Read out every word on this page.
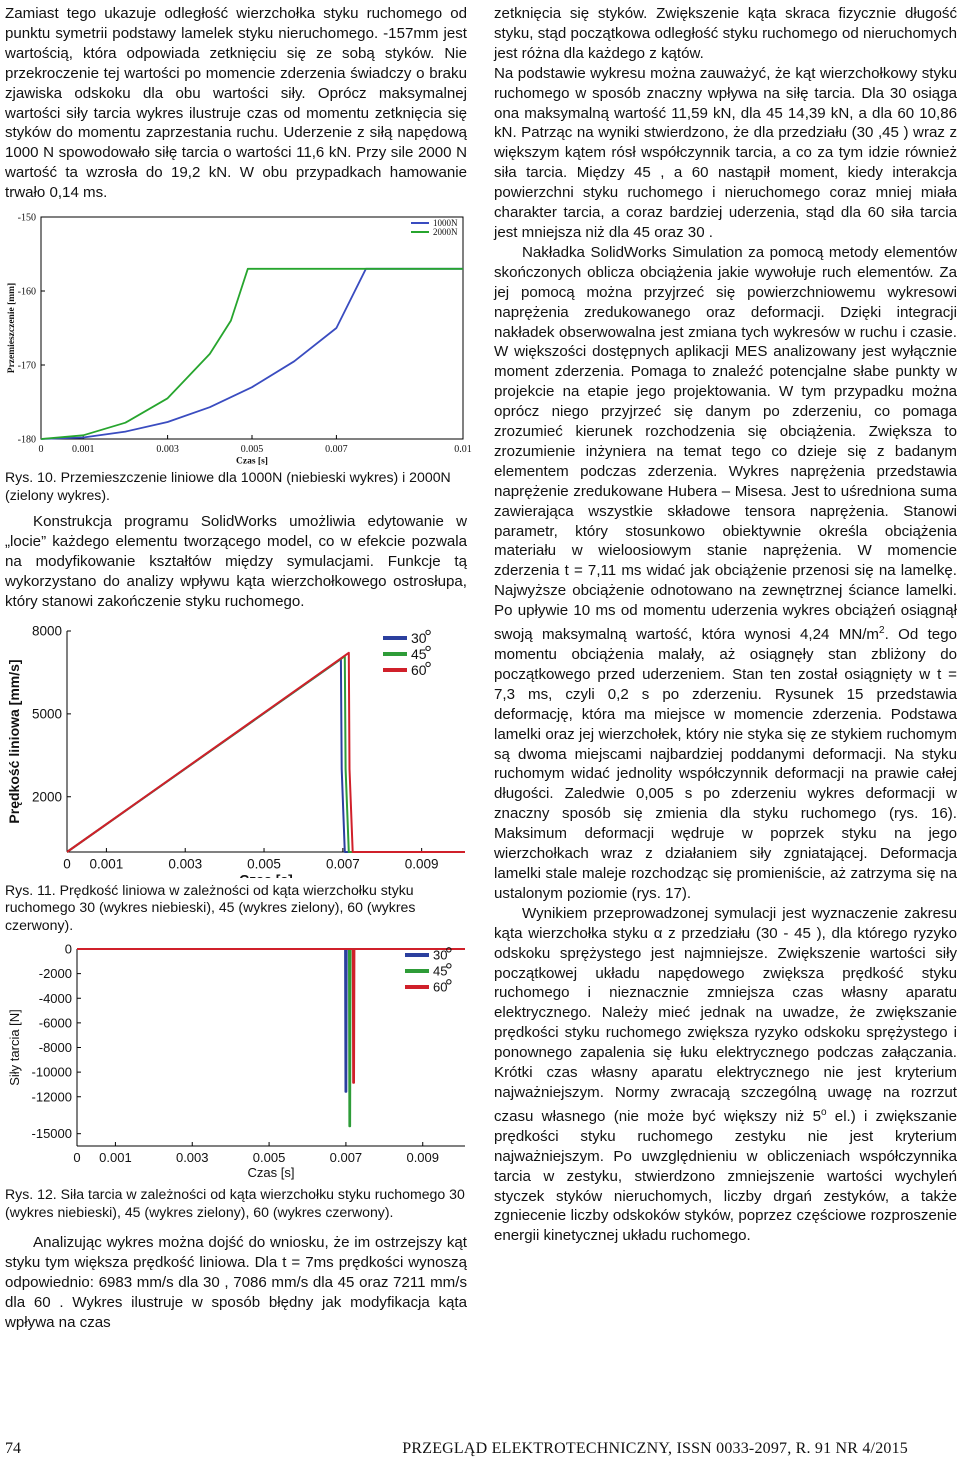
Zamiast tego ukazuje odległość wierzchołka styku ruchomego od punktu symetrii podstawy lamelek styku nieruchomego. -157mm jest wartością, która odpowiada zetknięciu się ze sobą styków. Nie przekroczenie tej wartości po momencie zderzenia świadczy o braku zjawiska odskoku dla obu wartości siły. Oprócz maksymalnej wartości siły tarcia wykres ilustruje czas od momentu zetknięcia się styków do momentu zaprzestania ruchu. Uderzenie z siłą napędową 1000 N spowodowało siłę tarcia o wartości 11,6 kN. Przy sile 2000 N wartość ta wzrosła do 19,2 kN. W obu przypadkach hamowanie trwało 0,14 ms.

-150
-160
-170
-180
0	0.001	0.003	0.005	0.007	0.01
Czas [s]
Przemieszczenie [mm]
1000N
2000N

Rys. 10. Przemieszczenie liniowe dla 1000N (niebieski wykres) i 2000N (zielony wykres).

Konstrukcja programu SolidWorks umożliwia edytowanie w „locie” każdego elementu tworzącego model, co w efekcie pozwala na modyfikowanie kształtów między symulacjami. Funkcje tą wykorzystano do analizy wpływu kąta wierzchołkowego ostrosłupa, który stanowi zakończenie styku ruchomego.

8000
5000
2000
0 0.001	0.003	0.005	0.007	0.009
Prędkość liniowa [mm/s]
30
45
60

Rys. 11. Prędkość liniowa w zależności od kąta wierzchołku styku ruchomego 30 (wykres niebieski), 45 (wykres zielony), 60 (wykres czerwony).

0
-2000
-4000
-6000
-8000
-10000
-12000
-15000
0 0.001	0.003	0.005	0.007	0.009
Czas [s]
Siły tarcia [N]
30
45
60

Rys. 12. Siła tarcia w zależności od kąta wierzchołku styku ruchomego 30 (wykres niebieski), 45 (wykres zielony), 60 (wykres czerwony).

Analizując wykres można dojść do wniosku, że im ostrzejszy kąt styku tym większa prędkość liniowa. Dla t = 7ms prędkości wynoszą odpowiednio: 6983 mm/s dla 30 , 7086 mm/s dla 45 oraz 7211 mm/s dla 60 . Wykres ilustruje w sposób błędny jak modyfikacja kąta wpływa na czas

zetknięcia się styków. Zwiększenie kąta skraca fizycznie długość styku, stąd początkowa odległość styku ruchomego od nieruchomych jest różna dla każdego z kątów.

Na podstawie wykresu można zauważyć, że kąt wierzchołkowy styku ruchomego w sposób znaczny wpływa na siłę tarcia. Dla 30 osiąga ona maksymalną wartość 11,59 kN, dla 45 14,39 kN, a dla 60 10,86 kN. Patrząc na wyniki stwierdzono, że dla przedziału (30 ,45 ) wraz z większym kątem rósł współczynnik tarcia, a co za tym idzie również siła tarcia. Między 45 , a 60 nastąpił moment, kiedy interakcja powierzchni styku ruchomego i nieruchomego coraz mniej miała charakter tarcia, a coraz bardziej uderzenia, stąd dla 60 siła tarcia jest mniejsza niż dla 45 oraz 30 .

Nakładka SolidWorks Simulation za pomocą metody elementów skończonych oblicza obciążenia jakie wywołuje ruch elementów. Za jej pomocą można przyjrzeć się powierzchniowemu wykresowi naprężenia zredukowanego oraz deformacji. Dzięki integracji nakładek obserwowalna jest zmiana tych wykresów w ruchu i czasie. W większości dostępnych aplikacji MES analizowany jest wyłącznie moment zderzenia. Pomaga to znaleźć potencjalne słabe punkty w projekcie na etapie jego projektowania. W tym przypadku można oprócz niego przyjrzeć się danym po zderzeniu, co pomaga zrozumieć kierunek rozchodzenia się obciążenia. Zwiększa to zrozumienie inżyniera na temat tego co dzieje się z badanym elementem podczas zderzenia. Wykres naprężenia przedstawia naprężenie zredukowane Hubera – Misesa. Jest to uśredniona suma zawierająca wszystkie składowe tensora naprężenia. Stanowi parametr, który stosunkowo obiektywnie określa obciążenia materiału w wieloosiowym stanie naprężenia. W momencie zderzenia t = 7,11 ms widać jak obciążenie przenosi się na lamelkę. Najwyższe obciążenie odnotowano na zewnętrznej ściance lamelki. Po upływie 10 ms od momentu uderzenia wykres obciążeń osiągnął swoją maksymalną wartość, która wynosi 4,24 $MN/m^2$. Od tego momentu obciążenia malały, aż osiągnęły stan zbliżony do początkowego przed uderzeniem. Stan ten został osiągnięty w t = 7,3 ms, czyli 0,2 s po zderzeniu. Rysunek 15 przedstawia deformację, która ma miejsce w momencie zderzenia. Podstawa lamelki oraz jej wierzchołek, który nie styka się ze stykiem ruchomym są dwoma miejscami najbardziej poddanymi deformacji. Na styku ruchomym widać jednolity współczynnik deformacji na prawie całej długości. Zaledwie 0,005 s po zderzeniu wykres deformacji w znaczny sposób się zmienia dla styku ruchomego (rys. 16). Maksimum deformacji wędruje w poprzek styku na jego wierzchołkach wraz z działaniem siły zgniatającej. Deformacja lamelki stale maleje rozchodząc się promieniście, aż zatrzyma się na ustalonym poziomie (rys. 17).

Wynikiem przeprowadzonej symulacji jest wyznaczenie zakresu kąta wierzchołka styku α z przedziału (30 - 45 ), dla którego ryzyko odskoku sprężystego jest najmniejsze. Zwiększenie wartości siły początkowej układu napędowego zwiększa prędkość styku ruchomego i nieznacznie zmniejsza czas własny aparatu elektrycznego. Należy mieć jednak na uwadze, że zwiększanie prędkości styku ruchomego zwiększa ryzyko odskoku sprężystego i ponownego zapalenia się łuku elektrycznego podczas załączania. Krótki czas własny aparatu elektrycznego nie jest kryterium najważniejszym. Normy zwracają szczególną uwagę na rozrzut czasu własnego (nie może być większy niż 5$^o$ el.) i zwiększanie prędkości styku ruchomego zestyku nie jest kryterium najważniejszym. Po uwzględnieniu w obliczeniach współczynnika tarcia w zestyku, stwierdzono zmniejszenie wartości wychyleń styczek styków nieruchomych, liczby drgań zestyków, a także zgniecenie liczby odskoków styków, poprzez częściowe rozproszenie energii kinetycznej układu ruchomego.

74	PRZEGLĄD ELEKTROTECHNICZNY, ISSN 0033-2097, R. 91 NR 4/2015
